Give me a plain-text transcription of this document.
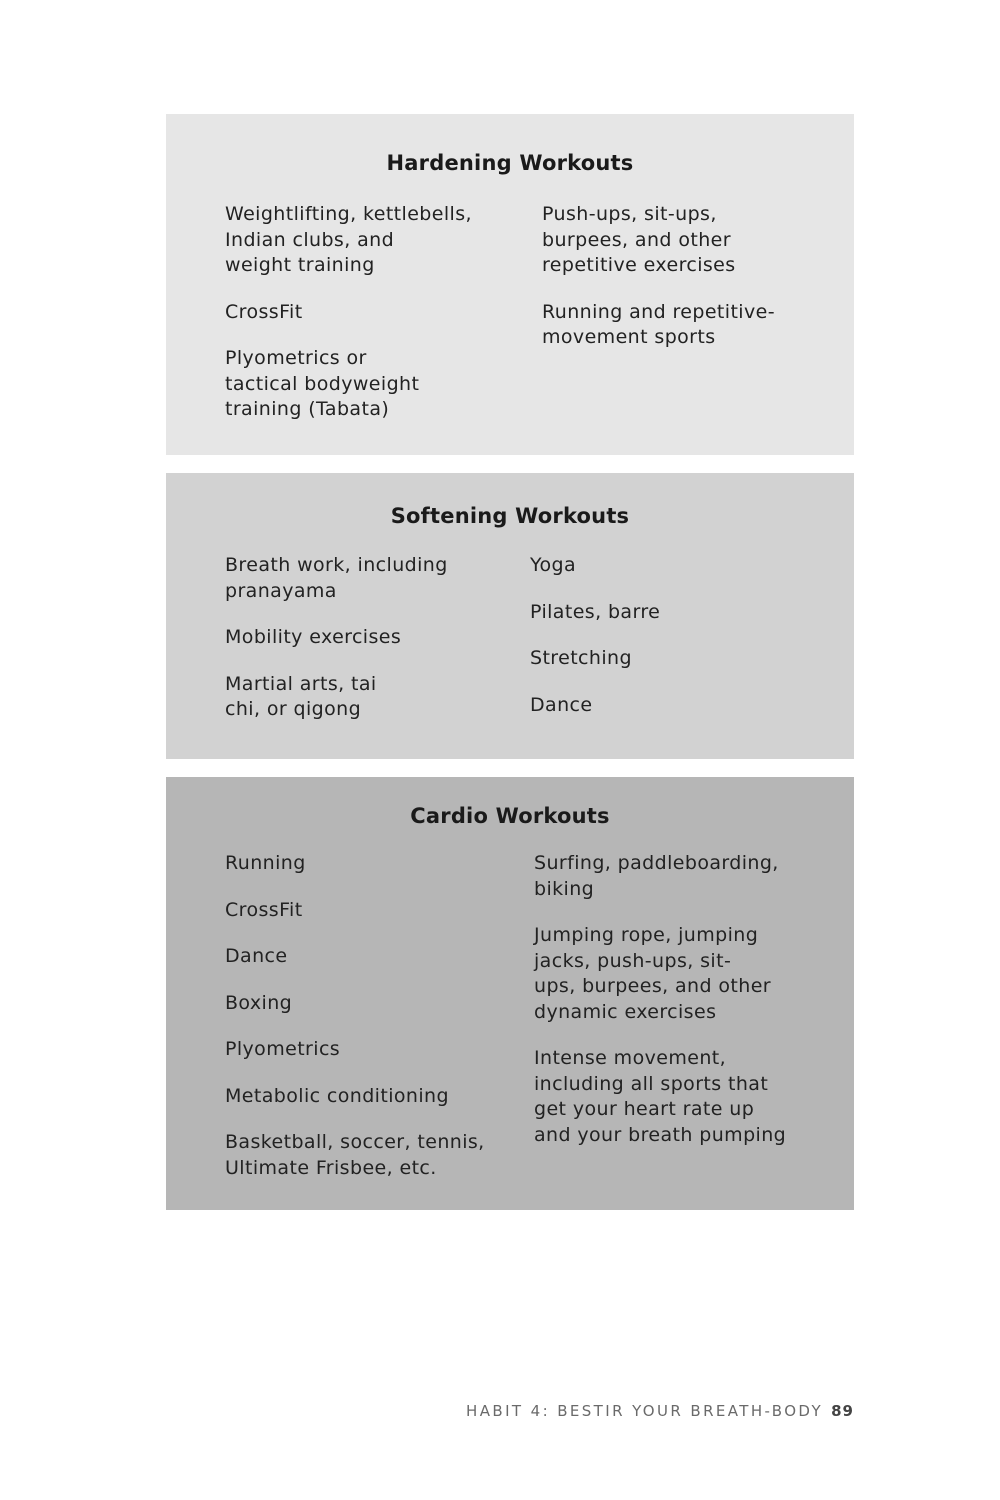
Hardening Workouts
Weightlifting, kettlebells,
Indian clubs, and
weight training
CrossFit
Plyometrics or
tactical bodyweight
training (Tabata)
Push-ups, sit-ups,
burpees, and other
repetitive exercises
Running and repetitive-
movement sports
Softening Workouts
Breath work, including
pranayama
Mobility exercises
Martial arts, tai
chi, or qigong
Yoga
Pilates, barre
Stretching
Dance
Cardio Workouts
Running
CrossFit
Dance
Boxing
Plyometrics
Metabolic conditioning
Basketball, soccer, tennis,
Ultimate Frisbee, etc.
Surfing, paddleboarding,
biking
Jumping rope, jumping
jacks, push-ups, sit-
ups, burpees, and other
dynamic exercises
Intense movement,
including all sports that
get your heart rate up
and your breath pumping
HABIT 4: BESTIR YOUR BREATH-BODY 89
